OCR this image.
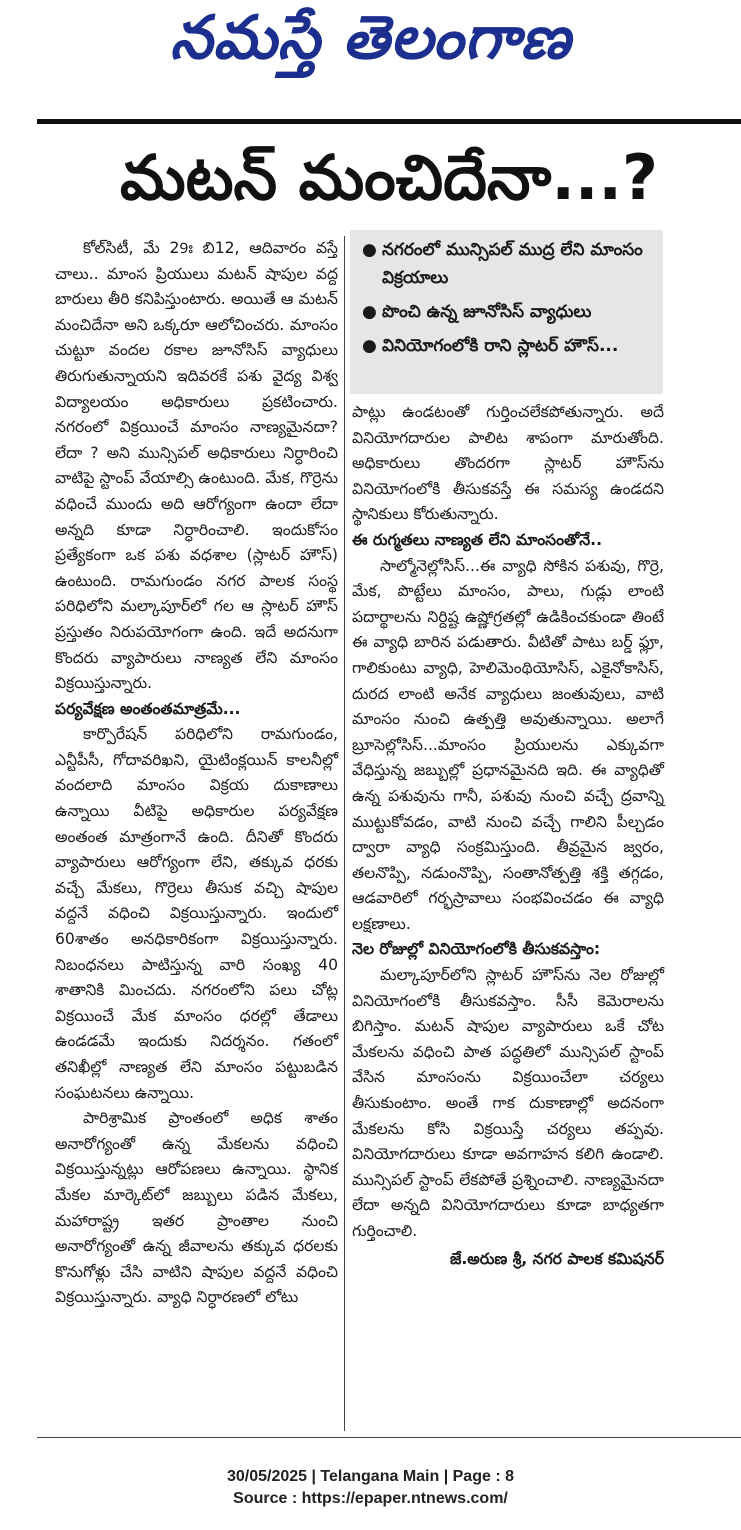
నమస్తే తెలంగాణ
మటన్ మంచిదేనా...?

కోల్‌సిటీ, మే 29ః బి12, ఆదివారం వస్తే చాలు.. మాంస ప్రియులు మటన్ షాపుల వద్ద బారులు తీరి కనిపిస్తుంటారు. అయితే ఆ మటన్ మంచిదేనా అని ఒక్కరూ ఆలోచించరు. మాంసం చుట్టూ వందల రకాల జూనోసిస్ వ్యాధులు తిరుగుతున్నాయని ఇదివరకే పశు వైద్య విశ్వ విద్యాలయం అధికారులు ప్రకటించారు. నగరంలో విక్రయించే మాంసం నాణ్యమైనదా? లేదా ? అని మున్సిపల్ అధికారులు నిర్ధారించి వాటిపై స్టాంప్ వేయాల్సి ఉంటుంది. మేక, గొర్రెను వధించే ముందు అది ఆరోగ్యంగా ఉందా లేదా అన్నది కూడా నిర్ధారించాలి. ఇందుకోసం ప్రత్యేకంగా ఒక పశు వధశాల (స్లాటర్ హౌస్) ఉంటుంది. రామగుండం నగర పాలక సంస్థ పరిధిలోని మల్కాపూర్‌లో గల ఆ స్లాటర్ హౌస్ ప్రస్తుతం నిరుపయోగంగా ఉంది. ఇదే అదనుగా కొందరు వ్యాపారులు నాణ్యత లేని మాంసం విక్రయిస్తున్నారు.

పర్యవేక్షణ అంతంతమాత్రమే...

కార్పొరేషన్ పరిధిలోని రామగుండం, ఎన్టీపీసీ, గోదావరిఖని, యైటింక్లయిన్ కాలనీల్లో వందలాది మాంసం విక్రయ దుకాణాలు ఉన్నాయి వీటిపై అధికారుల పర్యవేక్షణ అంతంత మాత్రంగానే ఉంది. దీనితో కొందరు వ్యాపారులు ఆరోగ్యంగా లేని, తక్కువ ధరకు వచ్చే మేకలు, గొర్రెలు తీసుక వచ్చి షాపుల వద్దనే వధించి విక్రయిస్తున్నారు. ఇందులో 60శాతం అనధికారికంగా విక్రయిస్తున్నారు. నిబంధనలు పాటిస్తున్న వారి సంఖ్య 40 శాతానికి మించదు. నగరంలోని పలు చోట్ల విక్రయించే మేక మాంసం ధరల్లో తేడాలు ఉండడమే ఇందుకు నిదర్శనం. గతంలో తనిఖీల్లో నాణ్యత లేని మాంసం పట్టుబడిన సంఘటనలు ఉన్నాయి.

పారిశ్రామిక ప్రాంతంలో అధిక శాతం అనారోగ్యంతో ఉన్న మేకలను వధించి విక్రయిస్తున్నట్లు ఆరోపణలు ఉన్నాయి. స్థానిక మేకల మార్కెట్‌లో జబ్బులు పడిన మేకలు, మహారాష్ట్ర ఇతర ప్రాంతాల నుంచి అనారోగ్యంతో ఉన్న జీవాలను తక్కువ ధరలకు కొనుగోళ్లు చేసి వాటిని షాపుల వద్దనే వధించి విక్రయిస్తున్నారు. వ్యాధి నిర్ధారణలో లోటు

● నగరంలో మున్సిపల్ ముద్ర లేని మాంసం విక్రయాలు
● పొంచి ఉన్న జూనోసిస్ వ్యాధులు
● వినియోగంలోకి రాని స్లాటర్ హౌస్...

పాట్లు ఉండటంతో గుర్తించలేకపోతున్నారు. అదే వినియోగదారుల పాలిట శాపంగా మారుతోంది. అధికారులు తొందరగా స్లాటర్ హౌస్‌ను వినియోగంలోకి తీసుకవస్తే ఈ సమస్య ఉండదని స్థానికులు కోరుతున్నారు.

ఈ రుగ్మతలు నాణ్యత లేని మాంసంతోనే..

సాల్మోనెల్లోసిస్...ఈ వ్యాధి సోకిన పశువు, గొర్రె, మేక, పొట్టేలు మాంసం, పాలు, గుడ్లు లాంటి పదార్థాలను నిర్దిష్ట ఉష్ణోగ్రతల్లో ఉడికించకుండా తింటే ఈ వ్యాధి బారిన పడుతారు. వీటితో పాటు బర్డ్ ఫ్లూ, గాలికుంటు వ్యాధి, హెలిమెంథియోసిస్, ఎకైనోకాసిస్, దురద లాంటి అనేక వ్యాధులు జంతువులు, వాటి మాంసం నుంచి ఉత్పత్తి అవుతున్నాయి. అలాగే బ్రూసెల్లోసిస్...మాంసం ప్రియులను ఎక్కువగా వేధిస్తున్న జబ్బుల్లో ప్రధానమైనది ఇది. ఈ వ్యాధితో ఉన్న పశువును గానీ, పశువు నుంచి వచ్చే ద్రవాన్ని ముట్టుకోవడం, వాటి నుంచి వచ్చే గాలిని పీల్చడం ద్వారా వ్యాధి సంక్రమిస్తుంది. తీవ్రమైన జ్వరం, తలనొప్పి, నడుంనొప్పి, సంతానోత్పత్తి శక్తి తగ్గడం, ఆడవారిలో గర్భస్రావాలు సంభవించడం ఈ వ్యాధి లక్షణాలు.

నెల రోజుల్లో వినియోగంలోకి తీసుకవస్తాం:

మల్కాపూర్‌లోని స్లాటర్ హౌస్‌ను నెల రోజుల్లో వినియోగంలోకి తీసుకవస్తాం. సీసీ కెమెరాలను బిగిస్తాం. మటన్ షాపుల వ్యాపారులు ఒకే చోట మేకలను వధించి పాత పద్ధతిలో మున్సిపల్ స్టాంప్ వేసిన మాంసంను విక్రయించేలా చర్యలు తీసుకుంటాం. అంతే గాక దుకాణాల్లో అదనంగా మేకలను కోసి విక్రయిస్తే చర్యలు తప్పవు. వినియోగదారులు కూడా అవగాహన కలిగి ఉండాలి. మున్సిపల్ స్టాంప్ లేకపోతే ప్రశ్నించాలి. నాణ్యమైనదా లేదా అన్నది వినియోగదారులు కూడా బాధ్యతగా గుర్తించాలి.

జే.అరుణ శ్రీ, నగర పాలక కమిషనర్

30/05/2025 | Telangana Main | Page : 8
Source : https://epaper.ntnews.com/
